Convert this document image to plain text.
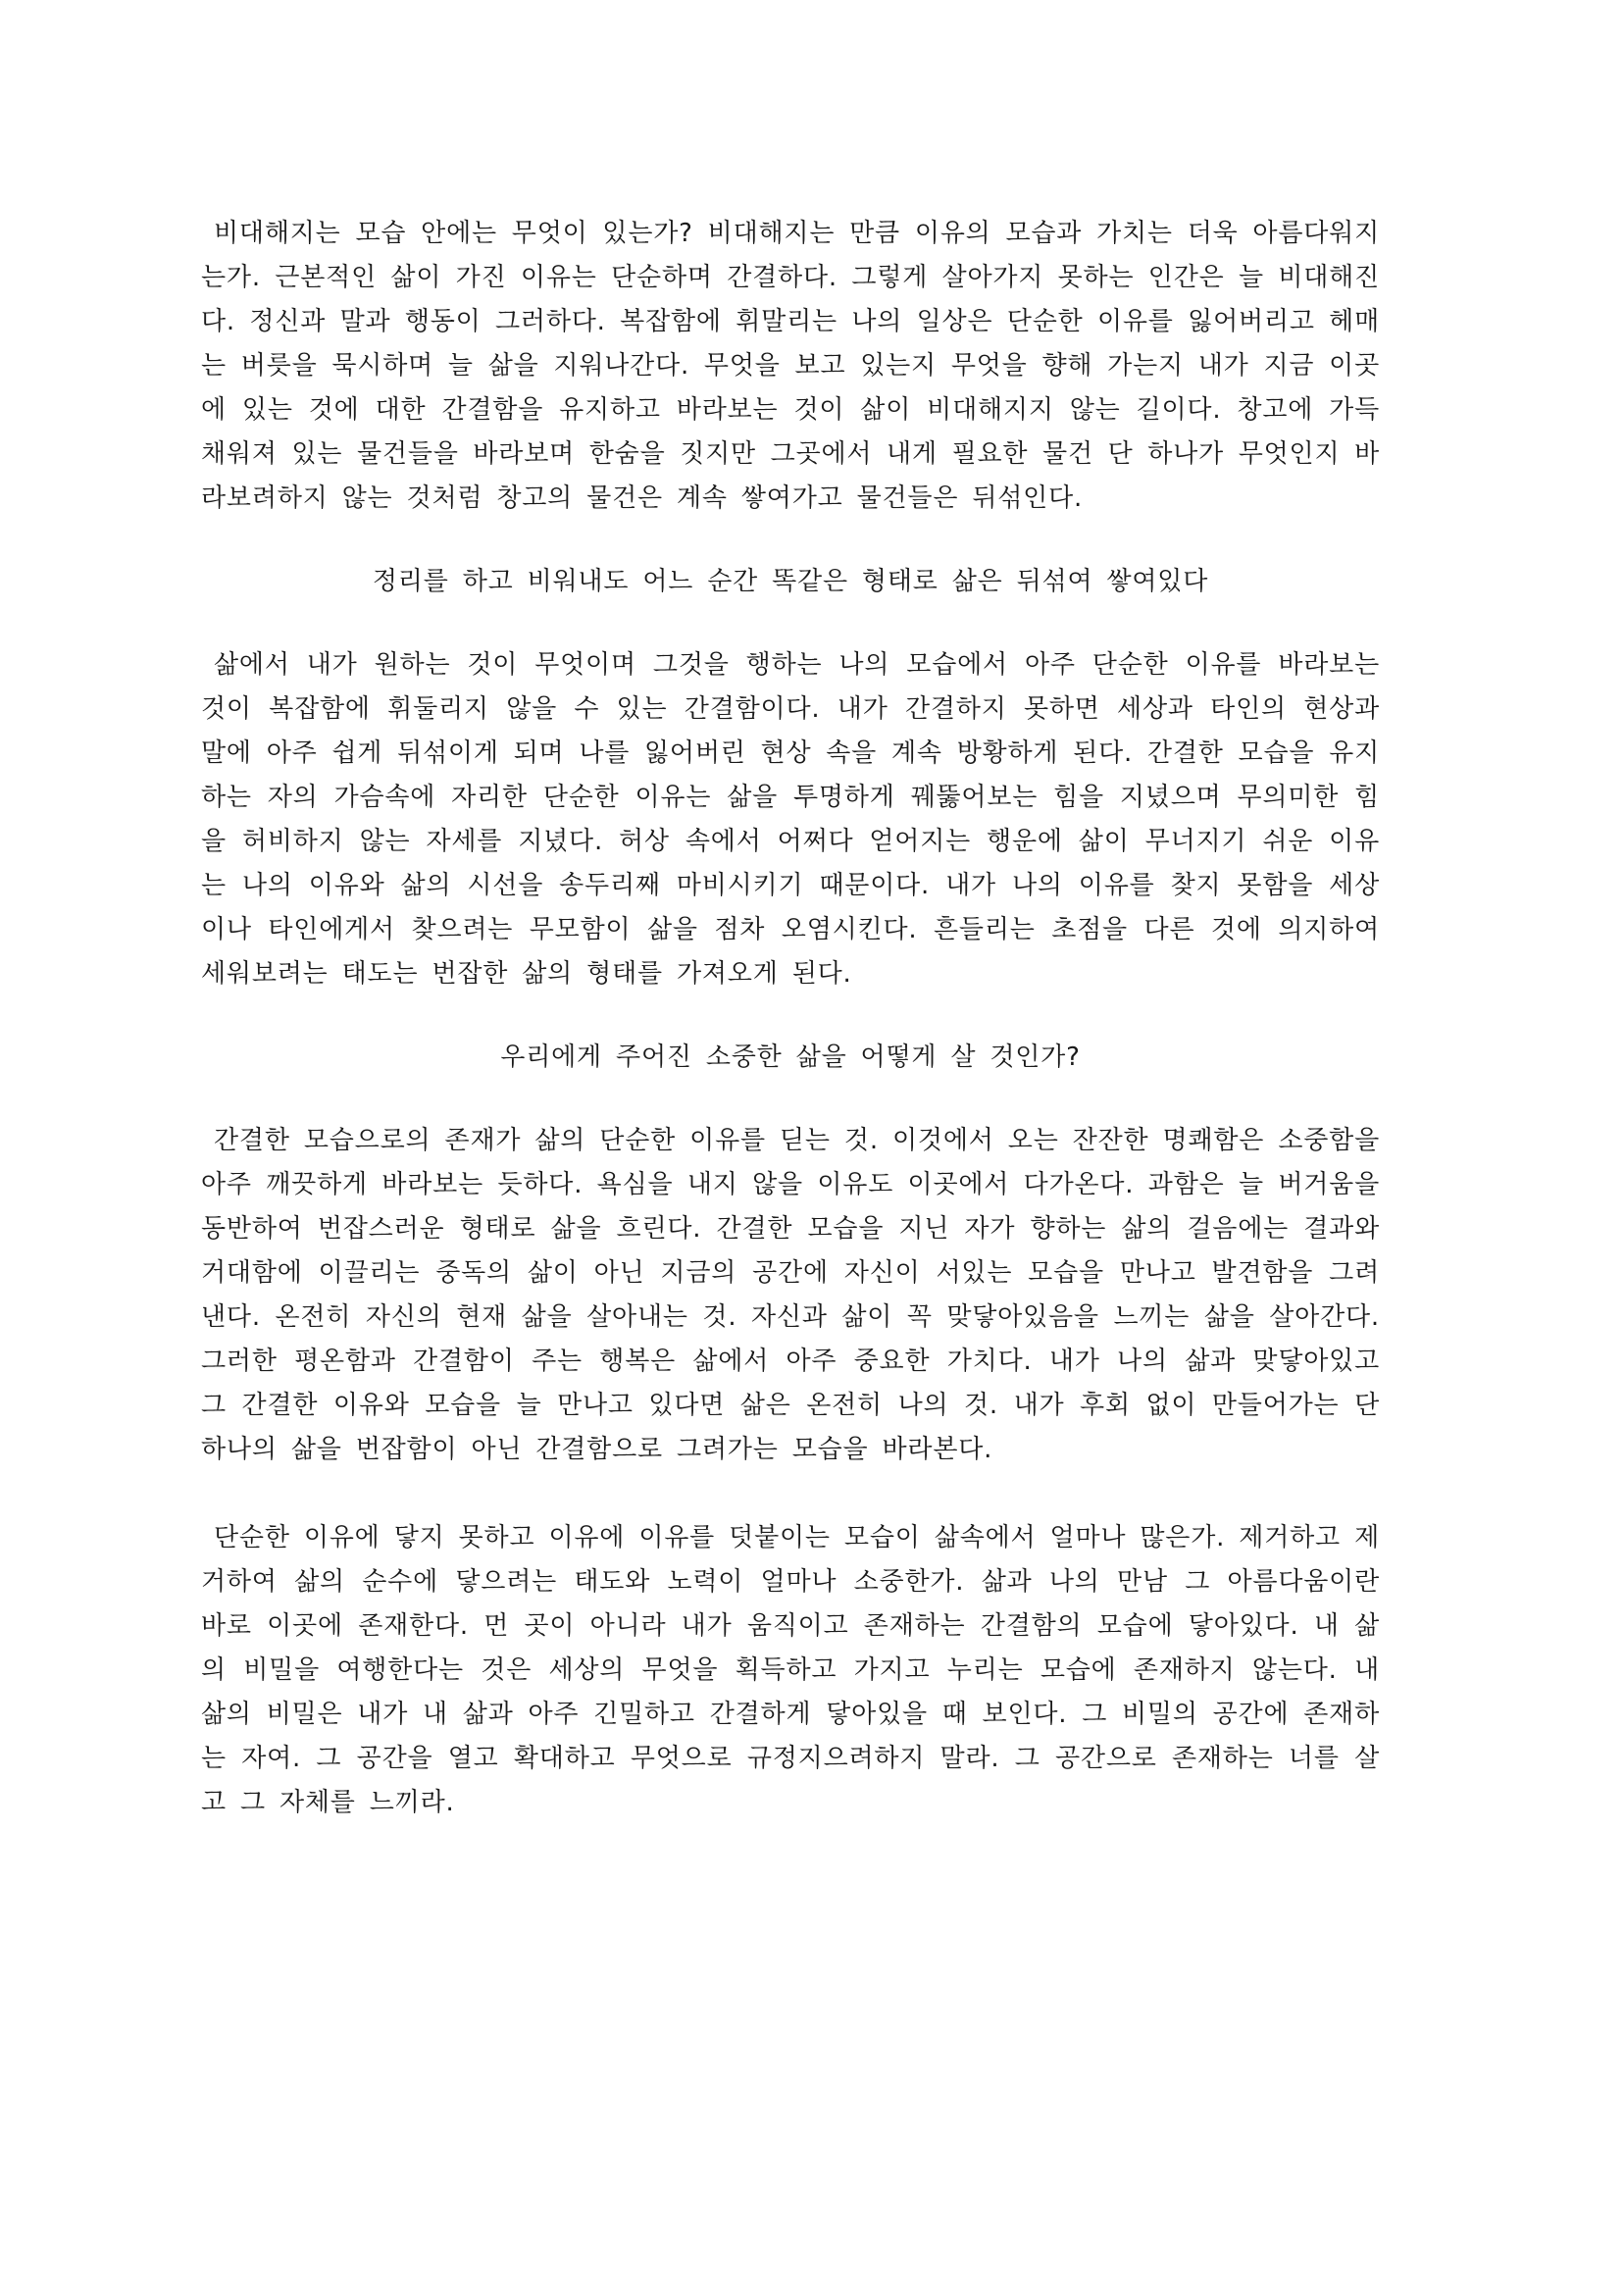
비대해지는 모습 안에는 무엇이 있는가? 비대해지는 만큼 이유의 모습과 가치는 더욱 아름다워지는가. 근본적인 삶이 가진 이유는 단순하며 간결하다. 그렇게 살아가지 못하는 인간은 늘 비대해진다. 정신과 말과 행동이 그러하다. 복잡함에 휘말리는 나의 일상은 단순한 이유를 잃어버리고 헤매는 버릇을 묵시하며 늘 삶을 지워나간다. 무엇을 보고 있는지 무엇을 향해 가는지 내가 지금 이곳에 있는 것에 대한 간결함을 유지하고 바라보는 것이 삶이 비대해지지 않는 길이다. 창고에 가득 채워져 있는 물건들을 바라보며 한숨을 짓지만 그곳에서 내게 필요한 물건 단 하나가 무엇인지 바라보려하지 않는 것처럼 창고의 물건은 계속 쌓여가고 물건들은 뒤섞인다.

정리를 하고 비워내도 어느 순간 똑같은 형태로 삶은 뒤섞여 쌓여있다

삶에서 내가 원하는 것이 무엇이며 그것을 행하는 나의 모습에서 아주 단순한 이유를 바라보는 것이 복잡함에 휘둘리지 않을 수 있는 간결함이다. 내가 간결하지 못하면 세상과 타인의 현상과 말에 아주 쉽게 뒤섞이게 되며 나를 잃어버린 현상 속을 계속 방황하게 된다. 간결한 모습을 유지하는 자의 가슴속에 자리한 단순한 이유는 삶을 투명하게 꿰뚫어보는 힘을 지녔으며 무의미한 힘을 허비하지 않는 자세를 지녔다. 허상 속에서 어쩌다 얻어지는 행운에 삶이 무너지기 쉬운 이유는 나의 이유와 삶의 시선을 송두리째 마비시키기 때문이다. 내가 나의 이유를 찾지 못함을 세상이나 타인에게서 찾으려는 무모함이 삶을 점차 오염시킨다. 흔들리는 초점을 다른 것에 의지하여 세워보려는 태도는 번잡한 삶의 형태를 가져오게 된다.

우리에게 주어진 소중한 삶을 어떻게 살 것인가?

간결한 모습으로의 존재가 삶의 단순한 이유를 딛는 것. 이것에서 오는 잔잔한 명쾌함은 소중함을 아주 깨끗하게 바라보는 듯하다. 욕심을 내지 않을 이유도 이곳에서 다가온다. 과함은 늘 버거움을 동반하여 번잡스러운 형태로 삶을 흐린다. 간결한 모습을 지닌 자가 향하는 삶의 걸음에는 결과와 거대함에 이끌리는 중독의 삶이 아닌 지금의 공간에 자신이 서있는 모습을 만나고 발견함을 그려낸다. 온전히 자신의 현재 삶을 살아내는 것. 자신과 삶이 꼭 맞닿아있음을 느끼는 삶을 살아간다. 그러한 평온함과 간결함이 주는 행복은 삶에서 아주 중요한 가치다. 내가 나의 삶과 맞닿아있고 그 간결한 이유와 모습을 늘 만나고 있다면 삶은 온전히 나의 것. 내가 후회 없이 만들어가는 단 하나의 삶을 번잡함이 아닌 간결함으로 그려가는 모습을 바라본다.

단순한 이유에 닿지 못하고 이유에 이유를 덧붙이는 모습이 삶속에서 얼마나 많은가. 제거하고 제거하여 삶의 순수에 닿으려는 태도와 노력이 얼마나 소중한가. 삶과 나의 만남 그 아름다움이란 바로 이곳에 존재한다. 먼 곳이 아니라 내가 움직이고 존재하는 간결함의 모습에 닿아있다. 내 삶의 비밀을 여행한다는 것은 세상의 무엇을 획득하고 가지고 누리는 모습에 존재하지 않는다. 내 삶의 비밀은 내가 내 삶과 아주 긴밀하고 간결하게 닿아있을 때 보인다. 그 비밀의 공간에 존재하는 자여. 그 공간을 열고 확대하고 무엇으로 규정지으려하지 말라. 그 공간으로 존재하는 너를 살고 그 자체를 느끼라.
